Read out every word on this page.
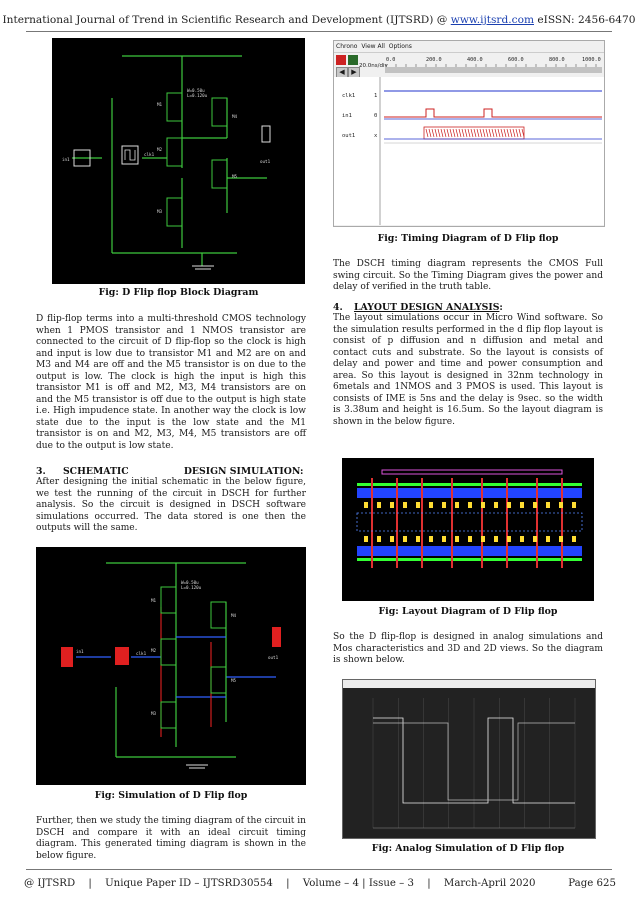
International Journal of Trend in Scientific Research and Development (IJTSRD) @ www.ijtsrd.com eISSN: 2456-6470
W=0.50u
L=0.120u
M1
M2
M3
M4
M5
clk1
in1	out1
Fig: D Flip flop Block Diagram

D flip-flop terms into a multi-threshold CMOS technology when 1 PMOS transistor and 1 NMOS transistor are connected to the circuit of D flip-flop so the clock is high and input is low due to transistor M1 and M2 are on and M3 and M4 are off and the M5 transistor is on due to the output is low. The clock is high the input is high this transistor M1 is off and M2, M3, M4 transistors are on and the M5 transistor is off due to the output is high state i.e. High impudence state. In another way the clock is low state due to the input is the low state and the M1 transistor is on and M2, M3, M4, M5 transistors are off due to the output is low state.

3. SCHEMATIC	DESIGN SIMULATION:

After designing the initial schematic in the below figure, we test the running of the circuit in DSCH for further analysis. So the circuit is designed in DSCH software simulations occurred. The data stored is one then the outputs will the same.

W=0.50u
L=0.120u
M1
M2
M3
M4
M5
clk1
in1
out1
Fig: Simulation of D Flip flop

Further, then we study the timing diagram of the circuit in DSCH and compare it with an ideal circuit timing diagram. This generated timing diagram is shown in the below figure.

Chrono View All Options
◀ ▶
20.0ns/div
0.0	200.0	400.0	600.0	800.0	1000.0
clk1
in1
out1
1
0
x
Fig: Timing Diagram of D Flip flop

The DSCH timing diagram represents the CMOS Full swing circuit. So the Timing Diagram gives the power and delay of verified in the truth table.

4. LAYOUT DESIGN ANALYSIS:

The layout simulations occur in Micro Wind software. So the simulation results performed in the d flip flop layout is consist of p diffusion and n diffusion and metal and contact cuts and substrate. So the layout is consists of delay and power and time and power consumption and area. So this layout is designed in 32nm technology in 6metals and 1NMOS and 3 PMOS is used. This layout is consists of IME is 5ns and the delay is 9sec. so the width is 3.38um and height is 16.5um. So the layout diagram is shown in the below figure.

Fig: Layout Diagram of D Flip flop

So the D flip-flop is designed in analog simulations and Mos characteristics and 3D and 2D views. So the diagram is shown below.

Fig: Analog Simulation of D Flip flop
@ IJTSRD | Unique Paper ID – IJTSRD30554 | Volume – 4 | Issue – 3 | March-April 2020	Page 625
